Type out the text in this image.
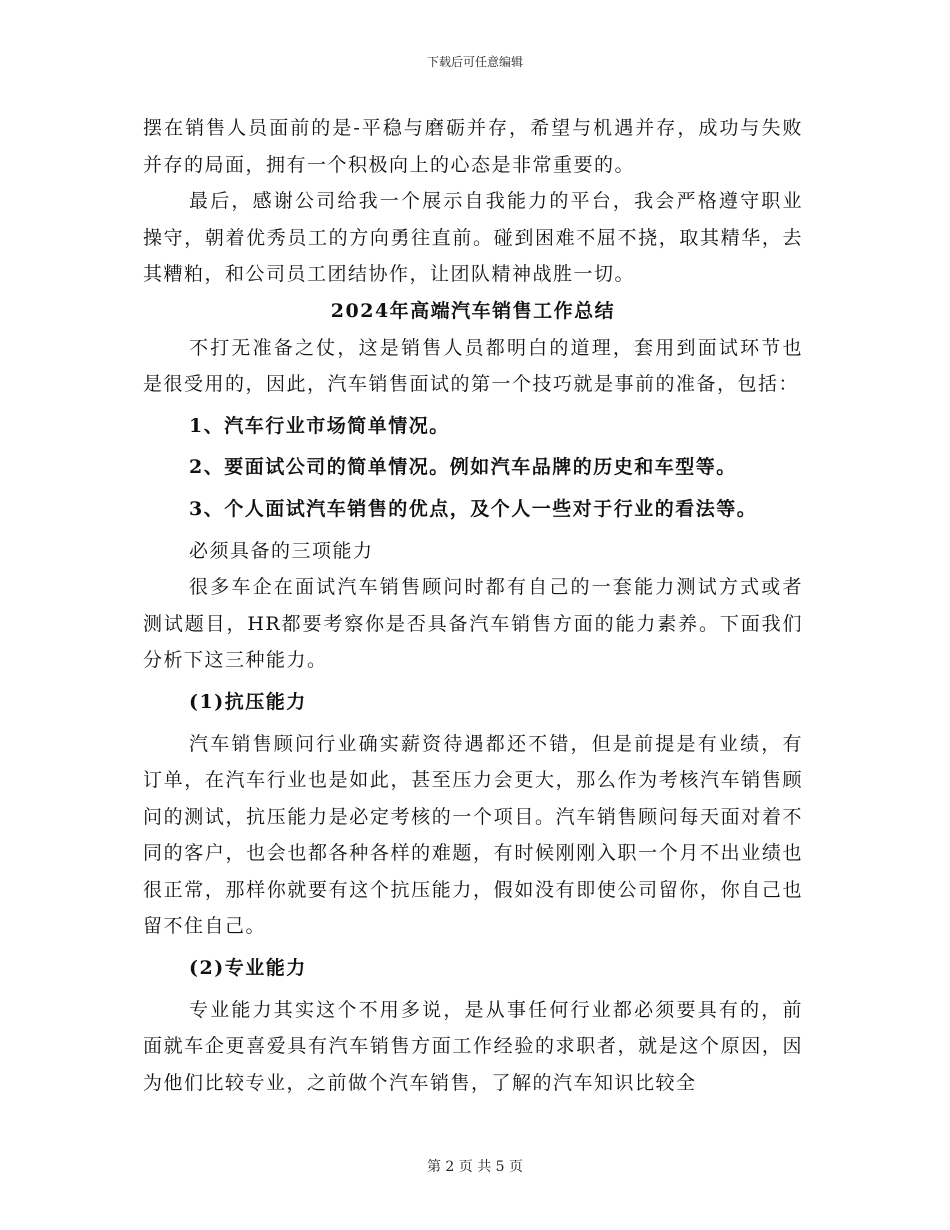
下载后可任意编辑

摆在销售人员面前的是-平稳与磨砺并存，希望与机遇并存，成功与失败并存的局面，拥有一个积极向上的心态是非常重要的。

最后，感谢公司给我一个展示自我能力的平台，我会严格遵守职业操守，朝着优秀员工的方向勇往直前。碰到困难不屈不挠，取其精华，去其糟粕，和公司员工团结协作，让团队精神战胜一切。

2024年高端汽车销售工作总结

不打无准备之仗，这是销售人员都明白的道理，套用到面试环节也是很受用的，因此，汽车销售面试的第一个技巧就是事前的准备，包括：

1、汽车行业市场简单情况。

2、要面试公司的简单情况。例如汽车品牌的历史和车型等。

3、个人面试汽车销售的优点，及个人一些对于行业的看法等。

必须具备的三项能力

很多车企在面试汽车销售顾问时都有自己的一套能力测试方式或者测试题目，HR都要考察你是否具备汽车销售方面的能力素养。下面我们分析下这三种能力。

(1)抗压能力

汽车销售顾问行业确实薪资待遇都还不错，但是前提是有业绩，有订单，在汽车行业也是如此，甚至压力会更大，那么作为考核汽车销售顾问的测试，抗压能力是必定考核的一个项目。汽车销售顾问每天面对着不同的客户，也会也都各种各样的难题，有时候刚刚入职一个月不出业绩也很正常，那样你就要有这个抗压能力，假如没有即使公司留你，你自己也留不住自己。

(2)专业能力

专业能力其实这个不用多说，是从事任何行业都必须要具有的，前面就车企更喜爱具有汽车销售方面工作经验的求职者，就是这个原因，因为他们比较专业，之前做个汽车销售，了解的汽车知识比较全

第 2 页 共 5 页
